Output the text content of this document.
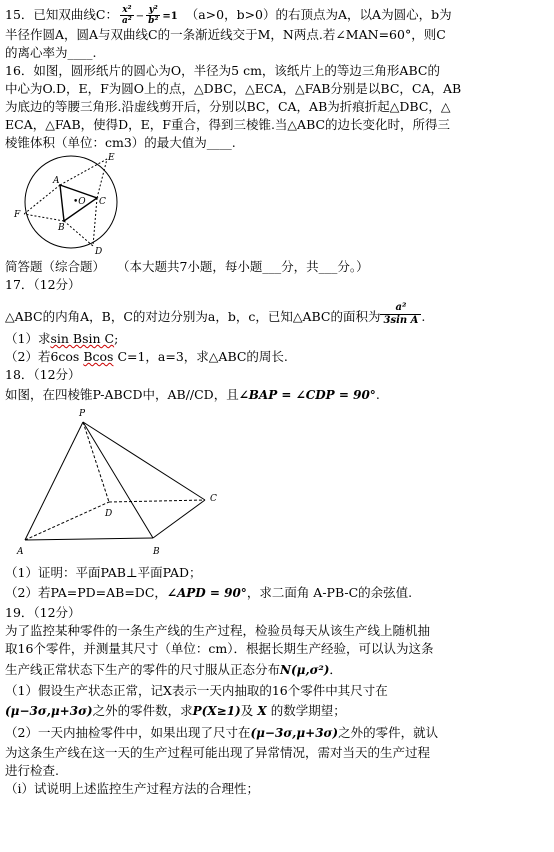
15．已知双曲线C： $\frac{\text{x²}}{\text{a²}} - \frac{\text{y²}}{\text{b²}} =1$ （a>0，b>0）的右顶点为A，以A为圆心，b为
半径作圆A，圆A与双曲线C的一条渐近线交于M，N两点.若∠MAN=60°，则C
的离心率为____.
16．如图，圆形纸片的圆心为O，半径为5 cm，该纸片上的等边三角形ABC的
中心为O.D，E，F为圆O上的点，△DBC，△ECA，△FAB分别是以BC，CA，AB
为底边的等腰三角形.沿虚线剪开后，分别以BC，CA，AB为折痕折起△DBC，△
ECA，△FAB，使得D，E，F重合，得到三棱锥.当△ABC的边长变化时，所得三
棱锥体积（单位：cm3）的最大值为____.
E
A
•O C
F
B
D
简答题（综合题） （本大题共7小题，每小题___分，共___分。）
17．（12分）
△ABC的内角A，B，C的对边分别为a，b，c，已知△ABC的面积为 $\frac{\text{a²}}{\text{3sin A}}$ .
（1）求sin Bsin C;
（2）若6cos Bcos C=1，a=3，求△ABC的周长.
18．（12分）
如图，在四棱锥P-ABCD中，AB//CD，且∠BAP = ∠CDP = 90°.
P
C
D
A	B
（1）证明：平面PAB⊥平面PAD；
（2）若PA=PD=AB=DC，∠APD = 90°，求二面角 A-PB-C的余弦值.
19．（12分）
为了监控某种零件的一条生产线的生产过程，检验员每天从该生产线上随机抽
取16个零件，并测量其尺寸（单位：cm）．根据长期生产经验，可以认为这条
生产线正常状态下生产的零件的尺寸服从正态分布N(μ,σ²)．
（1）假设生产状态正常，记X表示一天内抽取的16个零件中其尺寸在
(μ−3σ,μ+3σ)之外的零件数，求P(X≥1)及 X 的数学期望；
（2）一天内抽检零件中，如果出现了尺寸在(μ−3σ,μ+3σ)之外的零件，就认
为这条生产线在这一天的生产过程可能出现了异常情况，需对当天的生产过程
进行检查.
（ⅰ）试说明上述监控生产过程方法的合理性；
